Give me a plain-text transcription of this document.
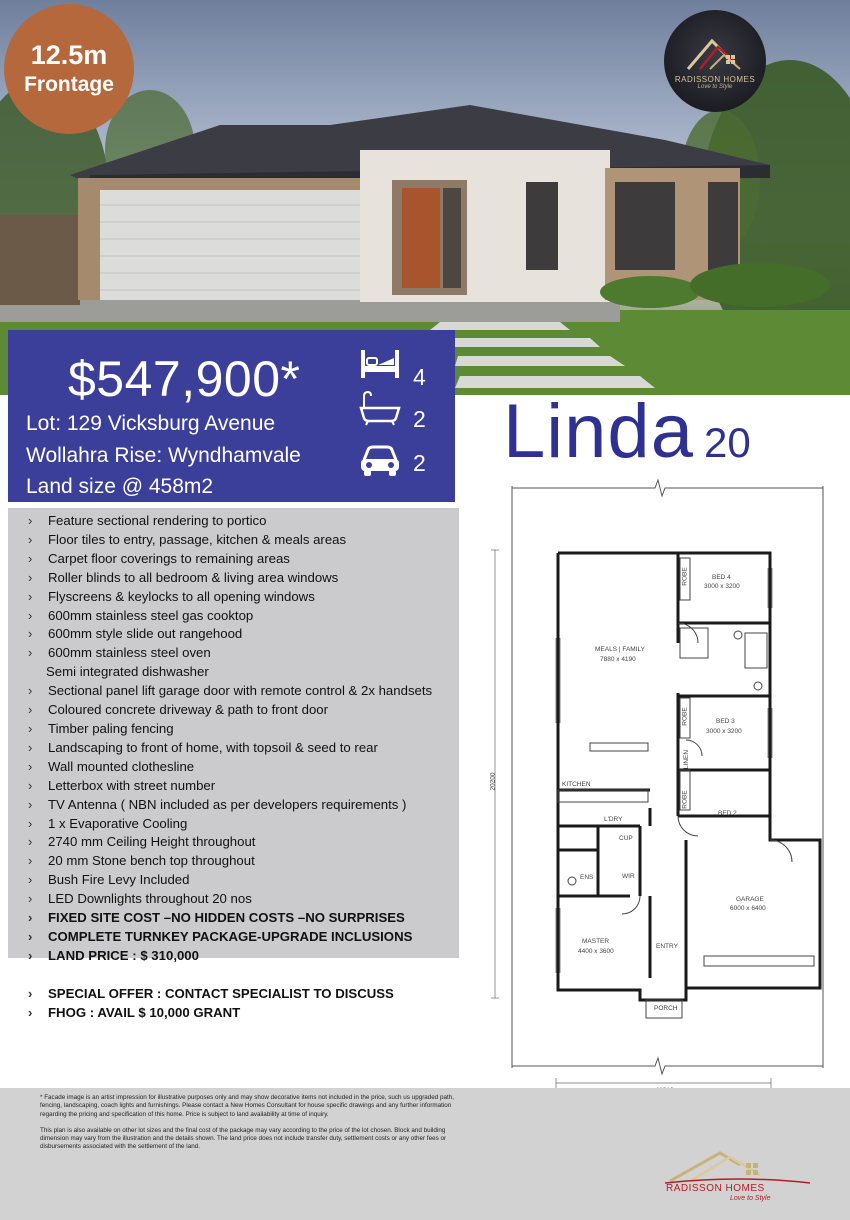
12.5m
Frontage	RADISSON HOMES
Love to Style
$547,900*
Lot: 129 Vicksburg Avenue
Wollahra Rise: Wyndhamvale
Land size @ 458m2
4
2
2 Linda 20
› Feature sectional rendering to portico
› Floor tiles to entry, passage, kitchen & meals areas
› Carpet floor coverings to remaining areas
› Roller blinds to all bedroom & living area windows
› Flyscreens & keylocks to all opening windows
› 600mm stainless steel gas cooktop
› 600mm style slide out rangehood
› 600mm stainless steel oven
Semi integrated dishwasher
› Sectional panel lift garage door with remote control & 2x handsets
› Coloured concrete driveway & path to front door
› Timber paling fencing
› Landscaping to front of home, with topsoil & seed to rear
› Wall mounted clothesline
› Letterbox with street number
› TV Antenna ( NBN included as per developers requirements )
› 1 x Evaporative Cooling
› 2740 mm Ceiling Height throughout
› 20 mm Stone bench top throughout
› Bush Fire Levy Included
› LED Downlights throughout 20 nos
› FIXED SITE COST –NO HIDDEN COSTS –NO SURPRISES
› COMPLETE TURNKEY PACKAGE-UPGRADE INCLUSIONS
› LAND PRICE : $ 310,000
› SPECIAL OFFER : CONTACT SPECIALIST TO DISCUSS
› FHOG : AVAIL $ 10,000 GRANT
BED 4
3000 x 3200
MEALS | FAMILY
7880 x 4190
BED 3
3000 x 3200
BED 2
KITCHEN
L'DRY
CUP
ENS	WIR
MASTER
4400 x 3600
ENTRY
GARAGE
6000 x 6400
PORCH
ROBE
ROBE
LINEN
ROBE
20200

* Facade image is an artist impression for illustrative purposes only and may show decorative items not included in the price, such us upgraded path, fencing, landscaping, coach lights and furnishings. Please contact a New Homes Consultant for house specific drawings and any further information regarding the pricing and specification of this home. Price is subject to land availability at time of inquiry.

This plan is also available on other lot sizes and the final cost of the package may vary according to the price of the lot chosen. Block and building dimension may vary from the illustration and the details shown. The land price does not include transfer duty, settlement costs or any other fees or disbursements associated with the settlement of the land.

RADISSON HOMES
Love to Style
